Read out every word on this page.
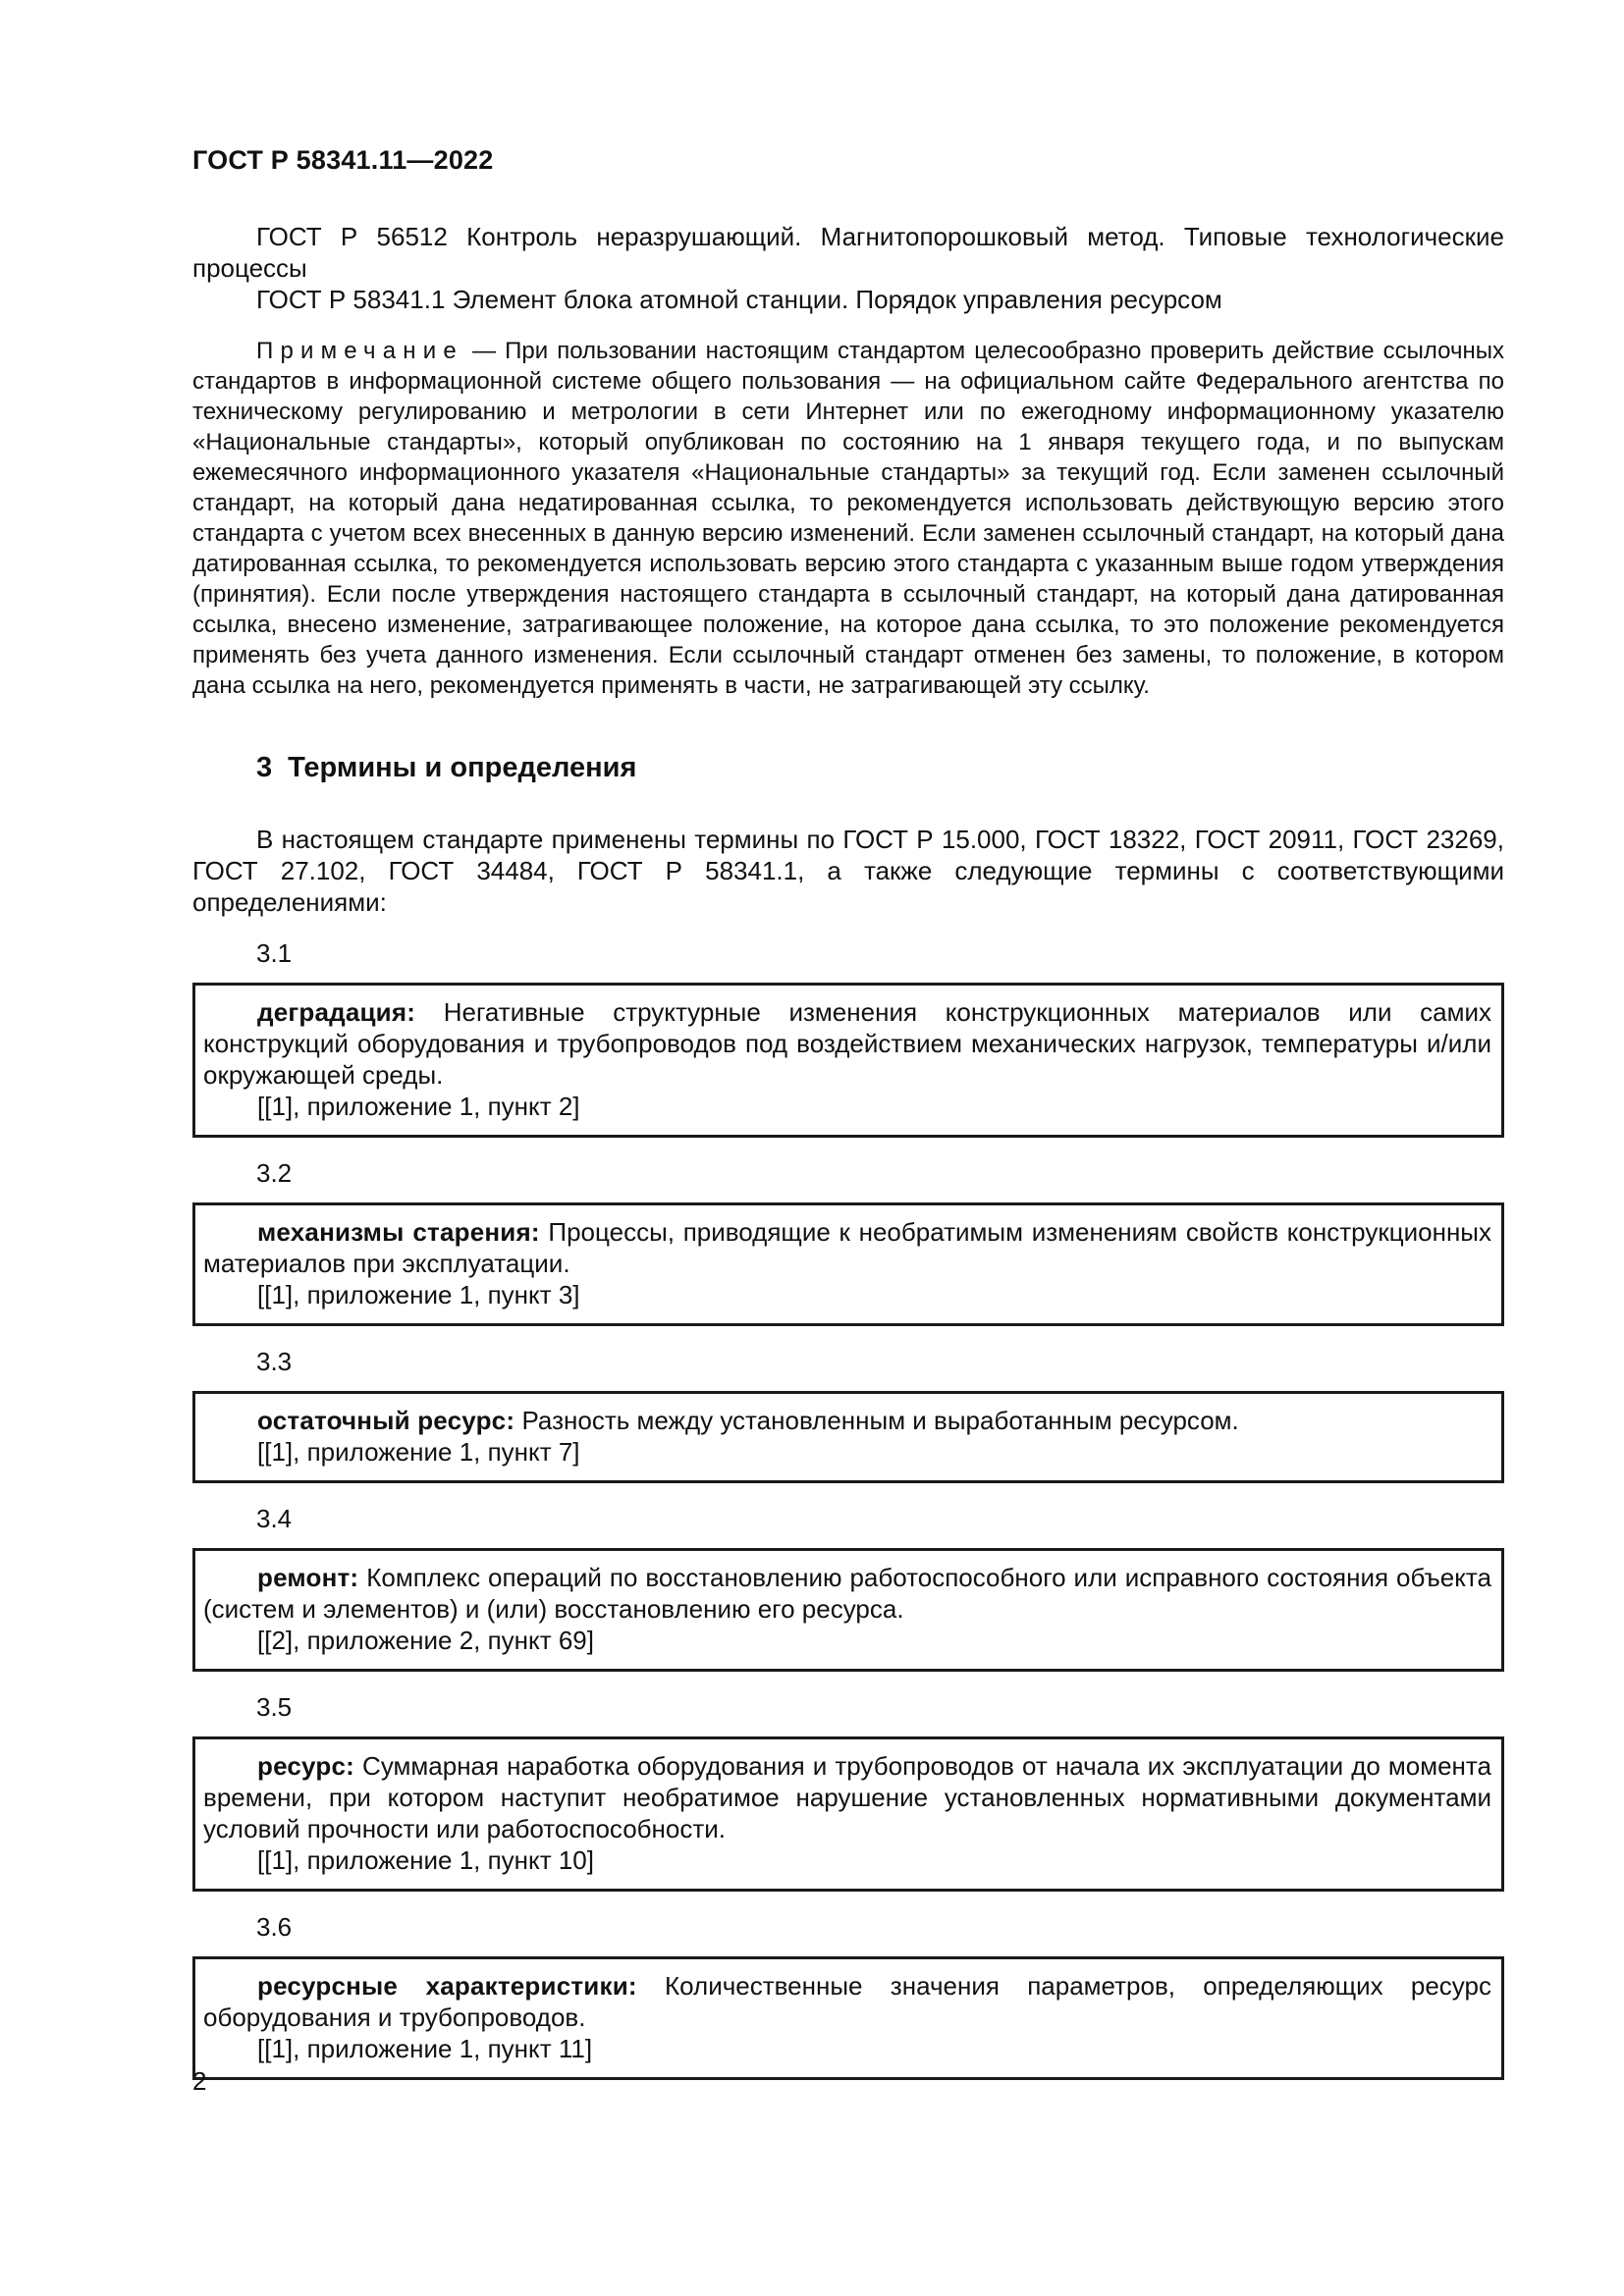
ГОСТ Р 58341.11—2022

ГОСТ Р 56512 Контроль неразрушающий. Магнитопорошковый метод. Типовые технологические процессы

ГОСТ Р 58341.1 Элемент блока атомной станции. Порядок управления ресурсом

Примечание — При пользовании настоящим стандартом целесообразно проверить действие ссылочных стандартов в информационной системе общего пользования — на официальном сайте Федерального агентства по техническому регулированию и метрологии в сети Интернет или по ежегодному информационному указателю «Национальные стандарты», который опубликован по состоянию на 1 января текущего года, и по выпускам ежемесячного информационного указателя «Национальные стандарты» за текущий год. Если заменен ссылочный стандарт, на который дана недатированная ссылка, то рекомендуется использовать действующую версию этого стандарта с учетом всех внесенных в данную версию изменений. Если заменен ссылочный стандарт, на который дана датированная ссылка, то рекомендуется использовать версию этого стандарта с указанным выше годом утверждения (принятия). Если после утверждения настоящего стандарта в ссылочный стандарт, на который дана датированная ссылка, внесено изменение, затрагивающее положение, на которое дана ссылка, то это положение рекомендуется применять без учета данного изменения. Если ссылочный стандарт отменен без замены, то положение, в котором дана ссылка на него, рекомендуется применять в части, не затрагивающей эту ссылку.

3 Термины и определения

В настоящем стандарте применены термины по ГОСТ Р 15.000, ГОСТ 18322, ГОСТ 20911, ГОСТ 23269, ГОСТ 27.102, ГОСТ 34484, ГОСТ Р 58341.1, а также следующие термины с соответствующими определениями:

3.1

деградация: Негативные структурные изменения конструкционных материалов или самих конструкций оборудования и трубопроводов под воздействием механических нагрузок, температуры и/или окружающей среды.

[[1], приложение 1, пункт 2]

3.2

механизмы старения: Процессы, приводящие к необратимым изменениям свойств конструкционных материалов при эксплуатации.

[[1], приложение 1, пункт 3]

3.3

остаточный ресурс: Разность между установленным и выработанным ресурсом.

[[1], приложение 1, пункт 7]

3.4

ремонт: Комплекс операций по восстановлению работоспособного или исправного состояния объекта (систем и элементов) и (или) восстановлению его ресурса.

[[2], приложение 2, пункт 69]

3.5

ресурс: Суммарная наработка оборудования и трубопроводов от начала их эксплуатации до момента времени, при котором наступит необратимое нарушение установленных нормативными документами условий прочности или работоспособности.

[[1], приложение 1, пункт 10]

3.6

ресурсные характеристики: Количественные значения параметров, определяющих ресурс оборудования и трубопроводов.

[[1], приложение 1, пункт 11]

2
